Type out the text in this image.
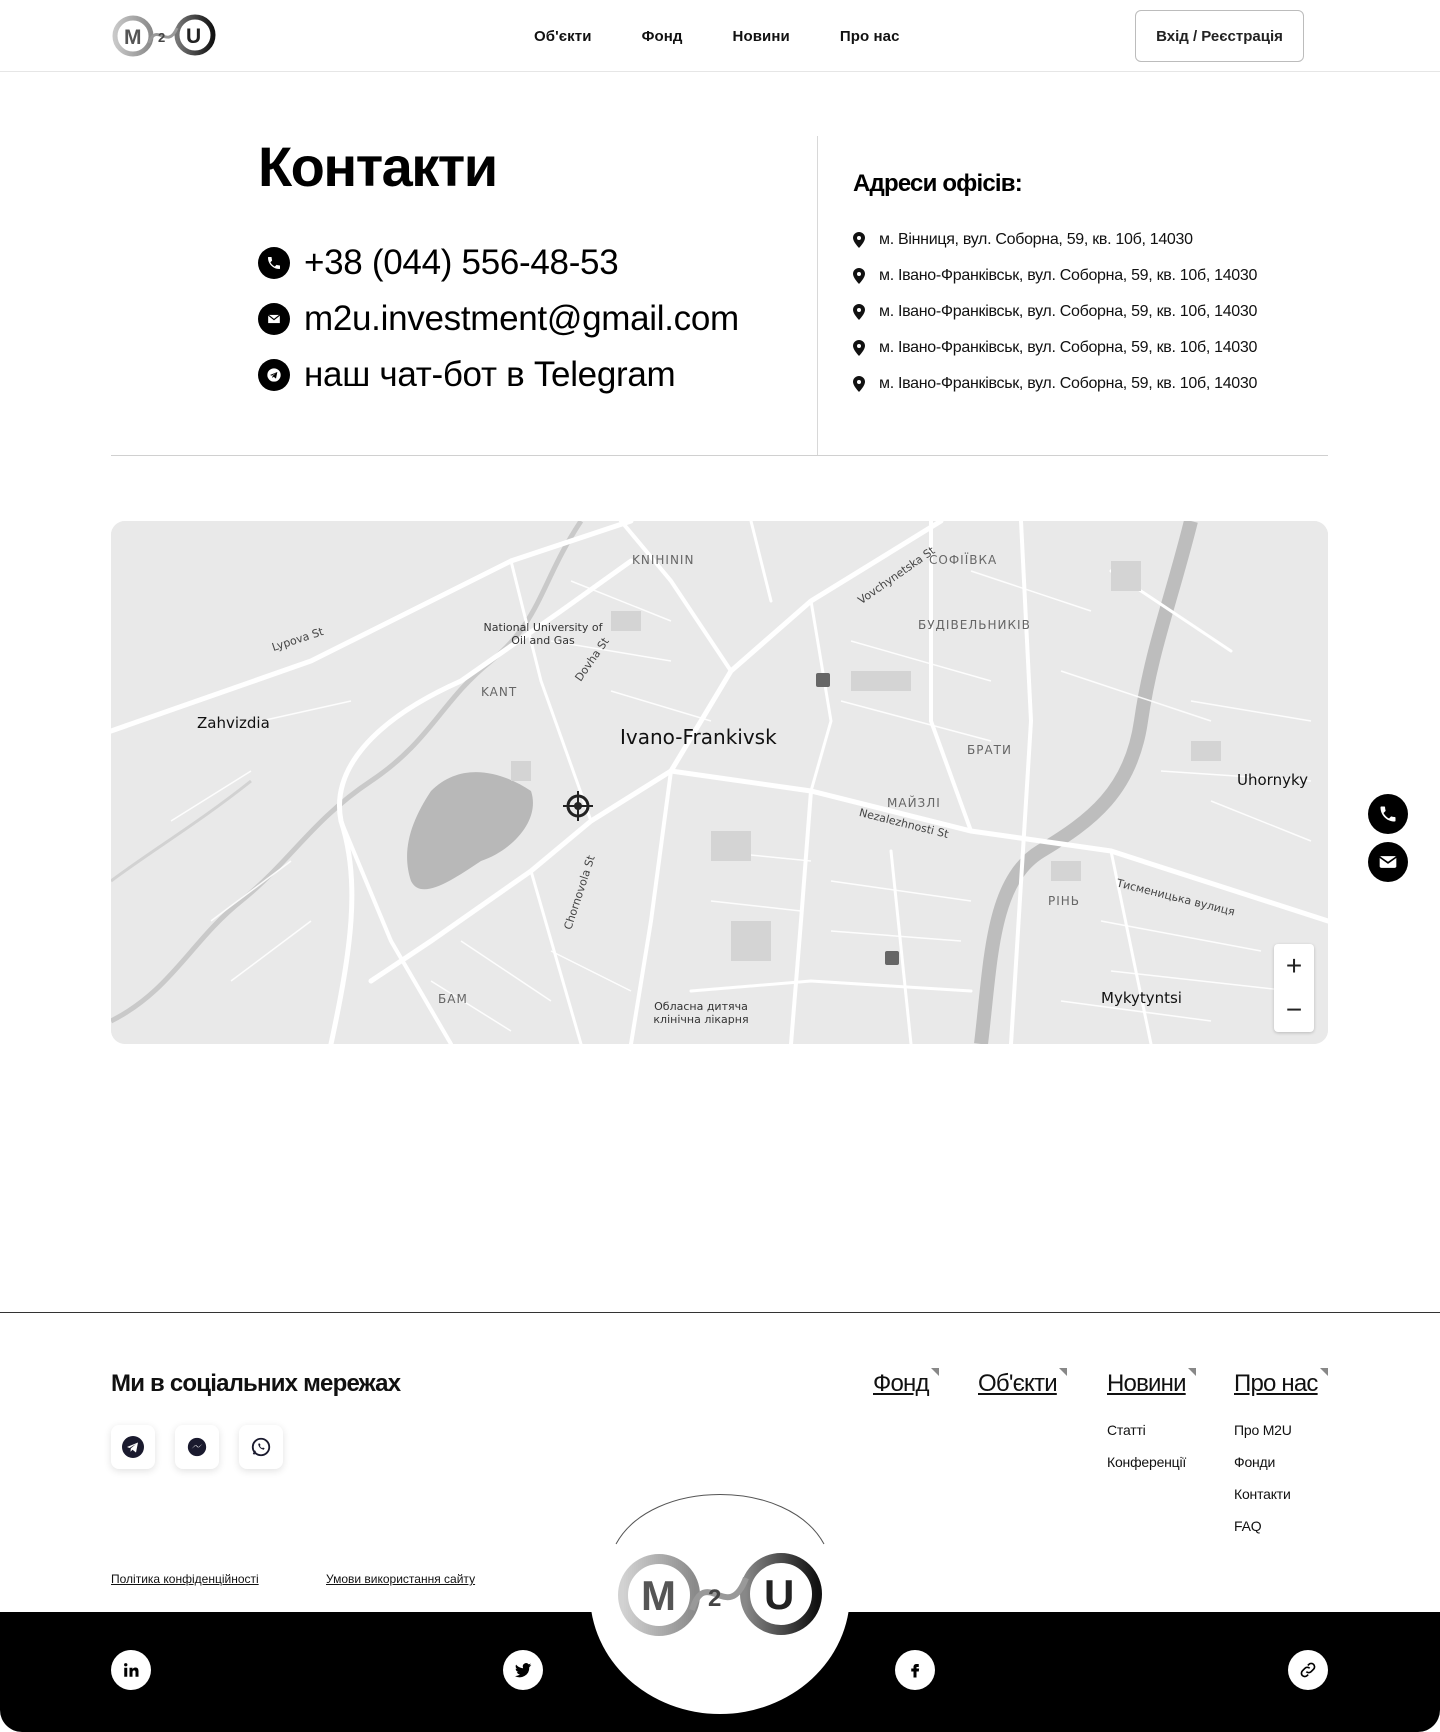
M 2 U	Об'єкти	Фонд	Новини	Про нас	Вхід / Реєстрація
Контакти
+38 (044) 556-48-53
m2u.investment@gmail.com
наш чат-бот в Telegram
Адреси офісів:
м. Вінниця, вул. Соборна, 59, кв. 10б, 14030
м. Івано-Франківськ, вул. Соборна, 59, кв. 10б, 14030
м. Івано-Франківськ, вул. Соборна, 59, кв. 10б, 14030
м. Івано-Франківськ, вул. Соборна, 59, кв. 10б, 14030
м. Івано-Франківськ, вул. Соборна, 59, кв. 10б, 14030
Ivano-Frankivsk
KNIHININ	СОФІЇВКА
БУДІВЕЛЬНИКІВ
KANT
БРАТИ
МАЙЗЛІ
РІНЬ
БАМ
Zahvizdia
Uhornyky
Mykytyntsi
National University of Oil and Gas
Обласна дитяча клінічна лікарня
Lypova St	Dovha St
Vovchynetska St
Nezalezhnosti St
Тисменицька вулиця
Chornovola St
+
−
Ми в соціальних мережах	Фонд Об'єкти Новини Про нас
Статті
Конференції
Про M2U
Фонди
Контакти
FAQ
Політика конфіденційності	Умови використання сайту	M 2 U
